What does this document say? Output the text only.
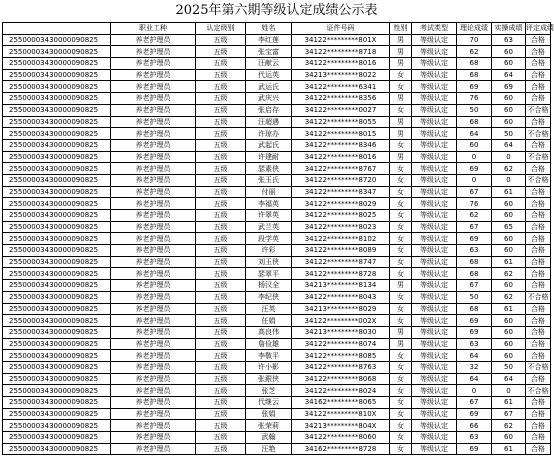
2025年第六期等级认定成绩公示表
	职业工种	认定级别	姓名	证件号码	性别	考试类型	理论成绩	实操成绩	评定成绩
25500003430000090825	养老护理员	五级	李红莲	34122*********801X	男	等级认定	70	63	合格
25500003430000090825	养老护理员	五级	张宝富	34122*********8718	男	等级认定	62	60	合格
25500003430000090825	养老护理员	五级	汪献云	34122*********8016	男	等级认定	68	60	合格
25500003430000090825	养老护理员	五级	代运英	34213*********8022	女	等级认定	68	64	合格
25500003430000090825	养老护理员	五级	武运氏	34122*********6341	女	等级认定	69	69	合格
25500003430000090825	养老护理员	五级	武庆兴	34122*********8356	男	等级认定	76	60	合格
25500003430000090825	养老护理员	五级	张启存	34122*********0027	女	等级认定	50	60	不合格
25500003430000090825	养老护理员	五级	汪超遇	34122*********8055	男	等级认定	68	60	合格
25500003430000090825	养老护理员	五级	许琼办	34122*********8015	男	等级认定	64	50	不合格
25500003430000090825	养老护理员	五级	武起氏	34122*********8346	女	等级认定	60	64	合格
25500003430000090825	养老护理员	五级	许建耐	34122*********8016	男	等级认定	0	0	不合格
25500003430000090825	养老护理员	五级	瑟素侠	34122*********8767	女	等级认定	69	62	合格
25500003430000090825	养老护理员	五级	张玉氏	34122*********8720	女	等级认定	0	0	不合格
25500003430000090825	养老护理员	五级	付丽	34122*********8347	女	等级认定	67	61	合格
25500003430000090825	养老护理员	五级	李福英	34122*********8029	女	等级认定	76	60	合格
25500003430000090825	养老护理员	五级	许翠英	34122*********8025	女	等级认定	62	60	合格
25500003430000090825	养老护理员	五级	武兰英	34122*********8023	女	等级认定	67	65	合格
25500003430000090825	养老护理员	五级	段学英	34122*********8102	女	等级认定	69	60	合格
25500003430000090825	养老护理员	五级	许彩	34122*********8089	女	等级认定	63	60	合格
25500003430000090825	养老护理员	五级	刘玉侠	34122*********8747	女	等级认定	68	61	合格
25500003430000090825	养老护理员	五级	瑟翠平	34122*********8728	女	等级认定	68	62	合格
25500003430000090825	养老护理员	五级	杨汉全	34213*********8134	男	等级认定	67	60	合格
25500003430000090825	养老护理员	五级	李纪侠	34122*********8043	女	等级认定	50	62	不合格
25500003430000090825	养老护理员	五级	汪英	34213*********8029	女	等级认定	68	61	合格
25500003430000090825	养老护理员	五级	任娟	34122*********002X	女	等级认定	69	60	合格
25500003430000090825	养老护理员	五级	高良伟	34213*********8030	男	等级认定	69	60	合格
25500003430000090825	养老护理员	五级	詹俭雄	34122*********8074	男	等级认定	63	60	合格
25500003430000090825	养老护理员	五级	李敬平	34122*********8085	女	等级认定	64	60	合格
25500003430000090825	养老护理员	五级	许小影	34122*********8763	女	等级认定	32	50	不合格
25500003430000090825	养老护理员	五级	张銀侠	34122*********8068	女	等级认定	64	64	合格
25500003430000090825	养老护理员	五级	张芝	34122*********8024	女	等级认定	0	0	不合格
25500003430000090825	养老护理员	五级	代继云	34162*********8065	女	等级认定	67	61	合格
25500003430000090825	养老护理员	五级	张娟	34122*********810X	女	等级认定	69	67	合格
25500003430000090825	养老护理员	五级	张荣莉	34213*********804X	女	等级认定	66	62	合格
25500003430000090825	养老护理员	五级	武翰	34122*********8060	女	等级认定	63	60	合格
25500003430000090825	养老护理员	五级	汪艳	34162*********8728	女	等级认定	69	61	合格
